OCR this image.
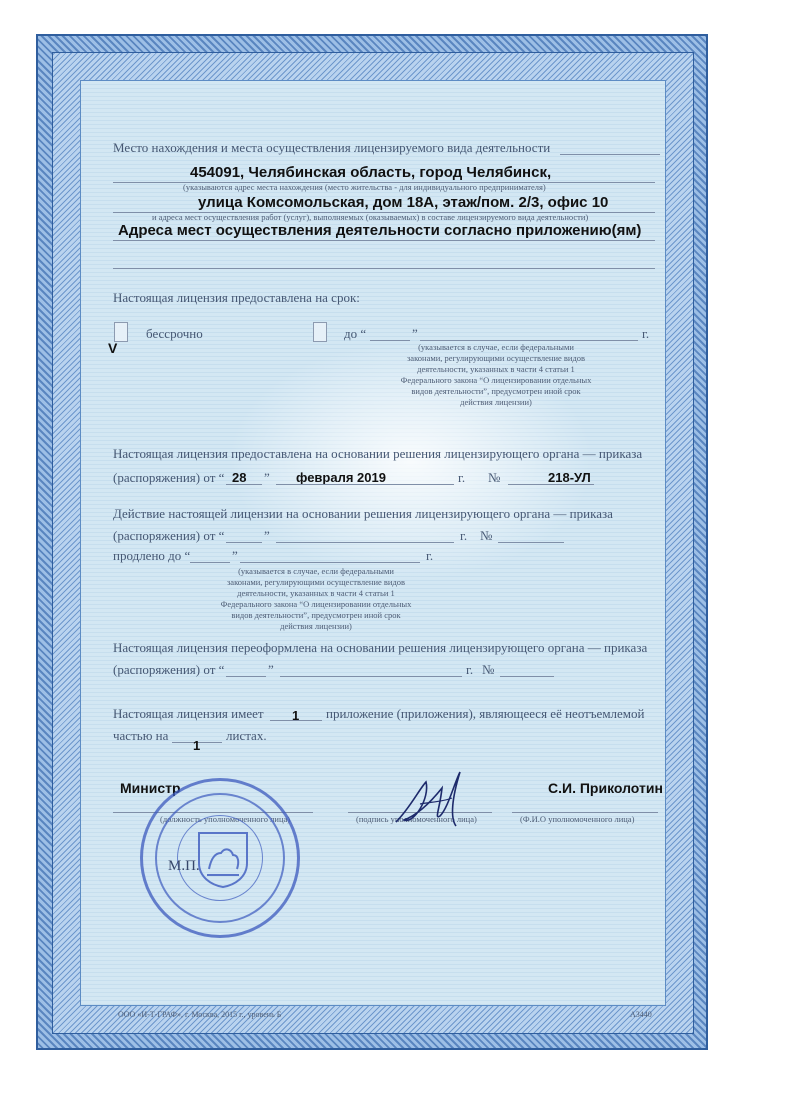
Место нахождения и места осуществления лицензируемого вида деятельности
454091, Челябинская область, город Челябинск,
(указываются адрес места нахождения (место жительства - для индивидуального предпринимателя)
улица Комсомольская, дом 18А, этаж/пом. 2/3, офис 10
и адреса мест осуществления работ (услуг), выполняемых (оказываемых) в составе лицензируемого вида деятельности)
Адреса мест осуществления деятельности согласно приложению(ям)
Настоящая лицензия предоставлена на срок:
V
бессрочно	до “	”	г.
(указывается в случае, если федеральными
законами, регулирующими осуществление видов
деятельности, указанных в части 4 статьи 1
Федерального закона “О лицензировании отдельных
видов деятельности”, предусмотрен иной срок
действия лицензии)
Настоящая лицензия предоставлена на основании решения лицензирующего органа — приказа
(распоряжения) от “ 28 ” февраля 2019	г. №	218-УЛ
Действие настоящей лицензии на основании решения лицензирующего органа — приказа
(распоряжения) от “	”	г. №
продлено до “	”	г.
(указывается в случае, если федеральными
законами, регулирующими осуществление видов
деятельности, указанных в части 4 статьи 1
Федерального закона “О лицензировании отдельных
видов деятельности”, предусмотрен иной срок
действия лицензии)
Настоящая лицензия переоформлена на основании решения лицензирующего органа — приказа
(распоряжения) от “	”	г. №
Настоящая лицензия имеет 1 приложение (приложения), являющееся её неотъемлемой
частью на
1
листах.
Министр	С.И. Приколотин
(должность уполномоченного лица)	(подпись уполномоченного лица)	(Ф.И.О уполномоченного лица)
М.П.
ООО «И-Т-ГРАФ», г. Москва, 2015 г., уровень Б	А3440
